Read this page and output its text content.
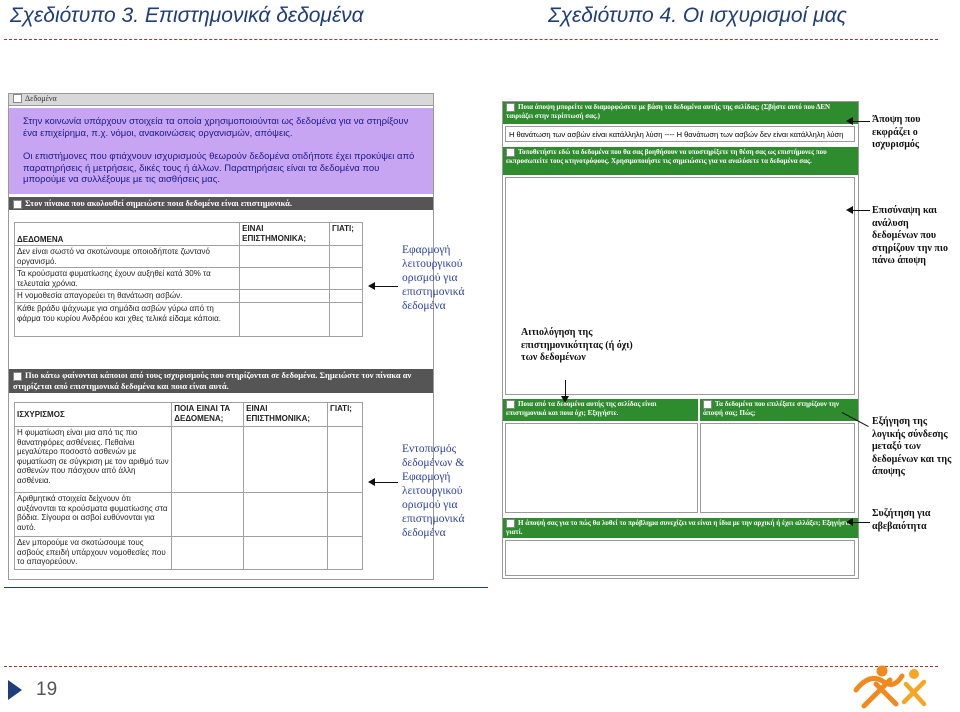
Σχεδιότυπο 3. Επιστημονικά δεδομένα	Σχεδιότυπο 4. Οι ισχυρισμοί μας
Δεδομένα
Στην κοινωνία υπάρχουν στοιχεία τα οποία χρησιμοποιούνται ως δεδομένα για να στηρίξουν ένα επιχείρημα, π.χ. νόμοι, ανακοινώσεις οργανισμών, απόψεις.
Οι επιστήμονες που φτιάχνουν ισχυρισμούς θεωρούν δεδομένα οτιδήποτε έχει προκύψει από παρατηρήσεις ή μετρήσεις, δικές τους ή άλλων. Παρατηρήσεις είναι τα δεδομένα που μπορούμε να συλλέξουμε με τις αισθήσεις μας.
Στον πίνακα που ακολουθεί σημειώστε ποια δεδομένα είναι επιστημονικά.
ΔΕΔΟΜΕΝΑ	ΕΙΝΑΙ ΕΠΙΣΤΗΜΟΝΙΚΑ;	ΓΙΑΤΙ;
Δεν είναι σωστό να σκοτώνουμε οποιοδήποτε ζωντανό οργανισμό.		
Τα κρούσματα φυματίωσης έχουν αυξηθεί κατά 30% τα τελευταία χρόνια.		
Η νομοθεσία απαγορεύει τη θανάτωση ασβών.		
Κάθε βράδυ ψάχνωμε για σημάδια ασβών γύρω από τη φάρμα του κυρίου Ανδρέου και χθες τελικά είδαμε κάποια.		
Πιο κάτω φαίνονται κάποιοι από τους ισχυρισμούς που στηρίζονται σε δεδομένα. Σημειώστε τον πίνακα αν στηρίζεται από επιστημονικά δεδομένα και ποια είναι αυτά.
ΙΣΧΥΡΙΣΜΟΣ	ΠΟΙΑ ΕΙΝΑΙ ΤΑ ΔΕΔΟΜΕΝΑ;	ΕΙΝΑΙ ΕΠΙΣΤΗΜΟΝΙΚΑ;	ΓΙΑΤΙ;
Η φυματίωση είναι μια από τις πιο θανατηφόρες ασθένειες. Πεθαίνει μεγαλύτερο ποσοστό ασθενών με φυματίωση σε σύγκριση με τον αριθμό των ασθενών που πάσχουν από άλλη ασθένεια.			
Αριθμητικά στοιχεία δείχνουν ότι αυξάνονται τα κρούσματα φυματίωσης στα βόδια. Σίγουρα οι ασβοί ευθύνονται για αυτό.			
Δεν μπορούμε να σκοτώσουμε τους ασβούς επειδή υπάρχουν νομοθεσίες που το απαγορεύουν.			
Εφαρμογή λειτουργικού ορισμού για επιστημονικά δεδομένα
Εντοπισμός δεδομένων & Εφαρμογή λειτουργικού ορισμού για επιστημονικά δεδομένα
Ποια άποψη μπορείτε να διαμορφώσετε με βάση τα δεδομένα αυτής της σελίδας; (Σβήστε αυτό που ΔΕΝ ταιριάζει στην περίπτωσή σας.)
Η θανάτωση των ασβών είναι κατάλληλη λύση ---- Η θανάτωση των ασβών δεν είναι κατάλληλη λύση
Τοποθετήστε εδώ τα δεδομένα που θα σας βοηθήσουν να υποστηρίξετε τη θέση σας ως επιστήμονες που εκπροσωπείτε τους κτηνοτρόφους. Χρησιμοποιήστε τις σημειώσεις για να αναλύσετε τα δεδομένα σας.
Ποια από τα δεδομένα αυτής της σελίδας είναι επιστημονικά και ποια όχι; Εξηγήστε.
Τα δεδομένα που επιλέξατε στηρίζουν την άποψή σας; Πώς;
Η άποψή σας για το πώς θα λυθεί το πρόβλημα συνεχίζει να είναι η ίδια με την αρχική ή έχει αλλάξει; Εξηγήστε γιατί.
Αιτιολόγηση της επιστημονικότητας (ή όχι) των δεδομένων
Άποψη που εκφράζει ο ισχυρισμός
Επισύναψη και ανάλυση δεδομένων που στηρίζουν την πιο πάνω άποψη
Εξήγηση της λογικής σύνδεσης μεταξύ των δεδομένων και της άποψης
Συζήτηση για αβεβαιότητα
19
